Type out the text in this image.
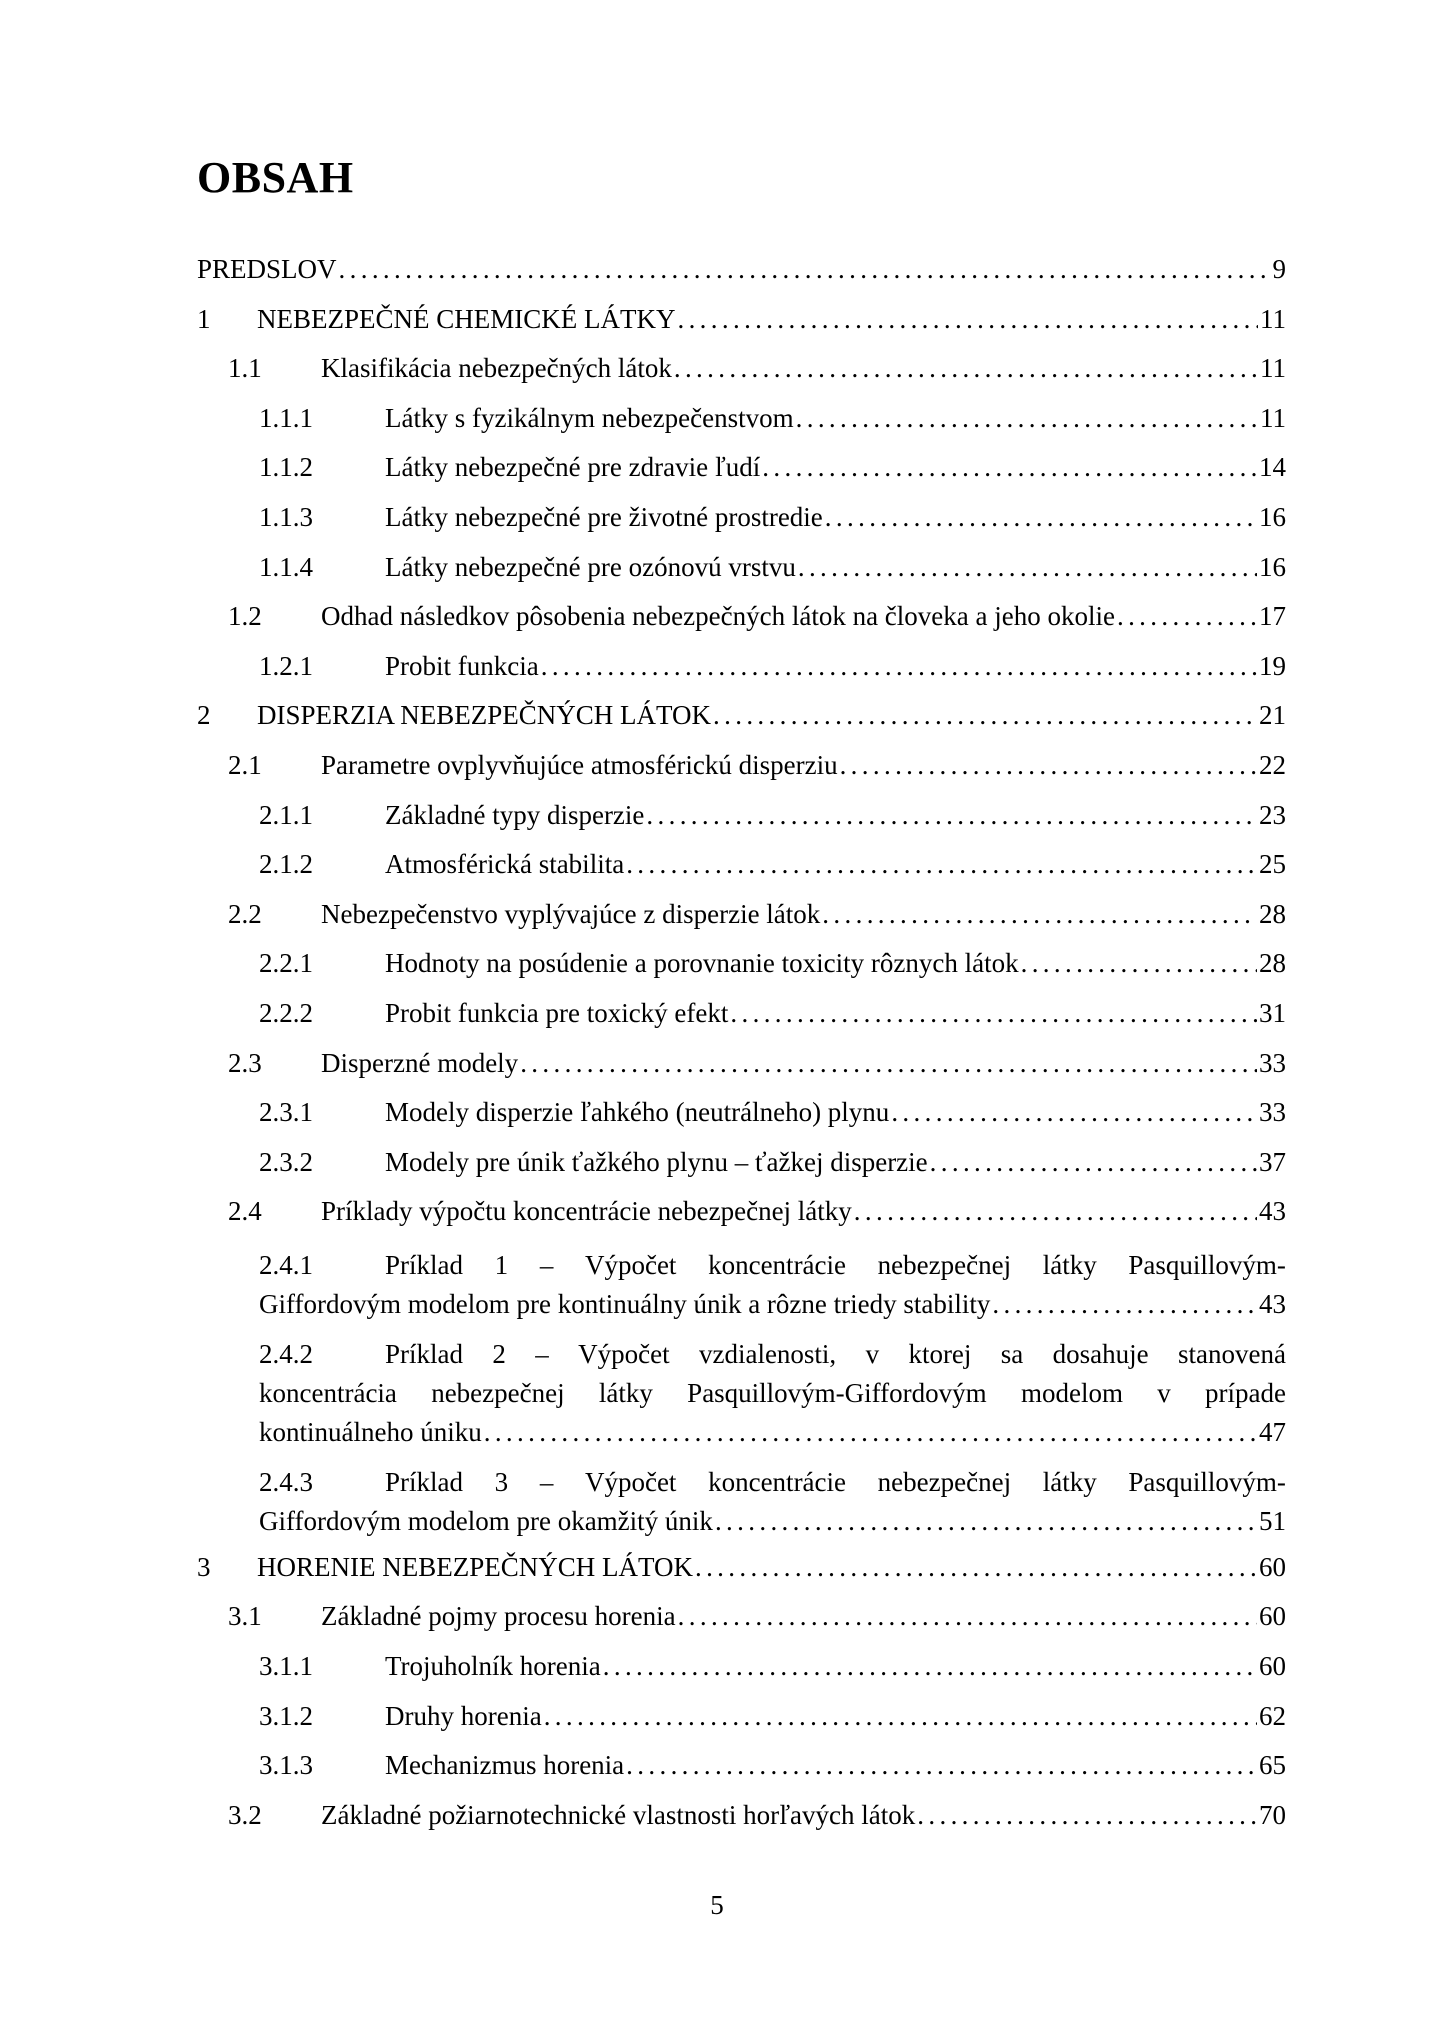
OBSAH
PREDSLOV . . .	9
1	NEBEZPEČNÉ CHEMICKÉ LÁTKY . . .	11
1.1	Klasifikácia nebezpečných látok . . .	11
1.1.1	Látky s fyzikálnym nebezpečenstvom . . .	11
1.1.2	Látky nebezpečné pre zdravie ľudí . . .	14
1.1.3	Látky nebezpečné pre životné prostredie . . .	16
1.1.4	Látky nebezpečné pre ozónovú vrstvu . . .	16
1.2	Odhad následkov pôsobenia nebezpečných látok na človeka a jeho okolie . . .	17
1.2.1	Probit funkcia . . .	19
2	DISPERZIA NEBEZPEČNÝCH LÁTOK . . .	21
2.1	Parametre ovplyvňujúce atmosférickú disperziu . . .	22
2.1.1	Základné typy disperzie . . .	23
2.1.2	Atmosférická stabilita . . .	25
2.2	Nebezpečenstvo vyplývajúce z disperzie látok . . .	28
2.2.1	Hodnoty na posúdenie a porovnanie toxicity rôznych látok . . .	28
2.2.2	Probit funkcia pre toxický efekt . . .	31
2.3	Disperzné modely . . .	33
2.3.1	Modely disperzie ľahkého (neutrálneho) plynu . . .	33
2.3.2	Modely pre únik ťažkého plynu – ťažkej disperzie . . .	37
2.4	Príklady výpočtu koncentrácie nebezpečnej látky . . .	43
2.4.1	Príklad 1 – Výpočet koncentrácie nebezpečnej látky Pasquillovým-
Giffordovým modelom pre kontinuálny únik a rôzne triedy stability . . .	43
2.4.2	Príklad 2 – Výpočet vzdialenosti, v ktorej sa dosahuje stanovená
koncentrácia nebezpečnej látky Pasquillovým-Giffordovým modelom v prípade
kontinuálneho úniku . . .	47
2.4.3	Príklad 3 – Výpočet koncentrácie nebezpečnej látky Pasquillovým-
Giffordovým modelom pre okamžitý únik . . .	51
3	HORENIE NEBEZPEČNÝCH LÁTOK . . .	60
3.1	Základné pojmy procesu horenia . . .	60
3.1.1	Trojuholník horenia . . .	60
3.1.2	Druhy horenia . . .	62
3.1.3	Mechanizmus horenia . . .	65
3.2	Základné požiarnotechnické vlastnosti horľavých látok . . .	70
5
